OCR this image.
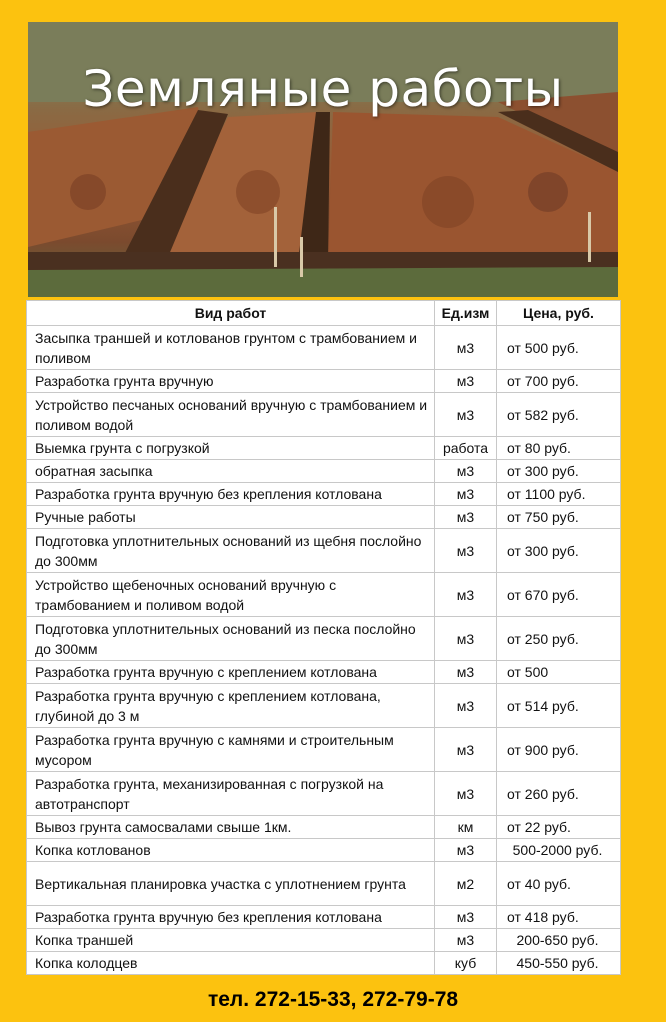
Земляные работы
Вид работ	Ед.изм	Цена, руб.
Засыпка траншей и котлованов грунтом с трамбованием и поливом	м3	от 500 руб.
Разработка грунта вручную	м3	от 700 руб.
Устройство песчаных оснований вручную с трамбованием и поливом водой	м3	от 582 руб.
Выемка грунта с погрузкой	работа	от 80 руб.
обратная засыпка	м3	от 300 руб.
Разработка грунта вручную без крепления котлована	м3	от 1100 руб.
Ручные работы	м3	от 750 руб.
Подготовка уплотнительных оснований из щебня послойно до 300мм	м3	от 300 руб.
Устройство щебеночных оснований вручную с трамбованием и поливом водой	м3	от 670 руб.
Подготовка уплотнительных оснований из песка послойно до 300мм	м3	от 250 руб.
Разработка грунта вручную с креплением котлована	м3	от 500
Разработка грунта вручную с креплением котлована, глубиной до 3 м	м3	от 514 руб.
Разработка грунта вручную с камнями и строительным мусором	м3	от 900 руб.
Разработка грунта, механизированная с погрузкой на автотранспорт	м3	от 260 руб.
Вывоз грунта самосвалами свыше 1км.	км	от 22 руб.
Копка котлованов	м3	500-2000 руб.
Вертикальная планировка участка с уплотнением грунта	м2	от 40 руб.
Разработка грунта вручную без крепления котлована	м3	от 418 руб.
Копка траншей	м3	200-650 руб.
Копка колодцев	куб	450-550 руб.
тел. 272-15-33, 272-79-78
